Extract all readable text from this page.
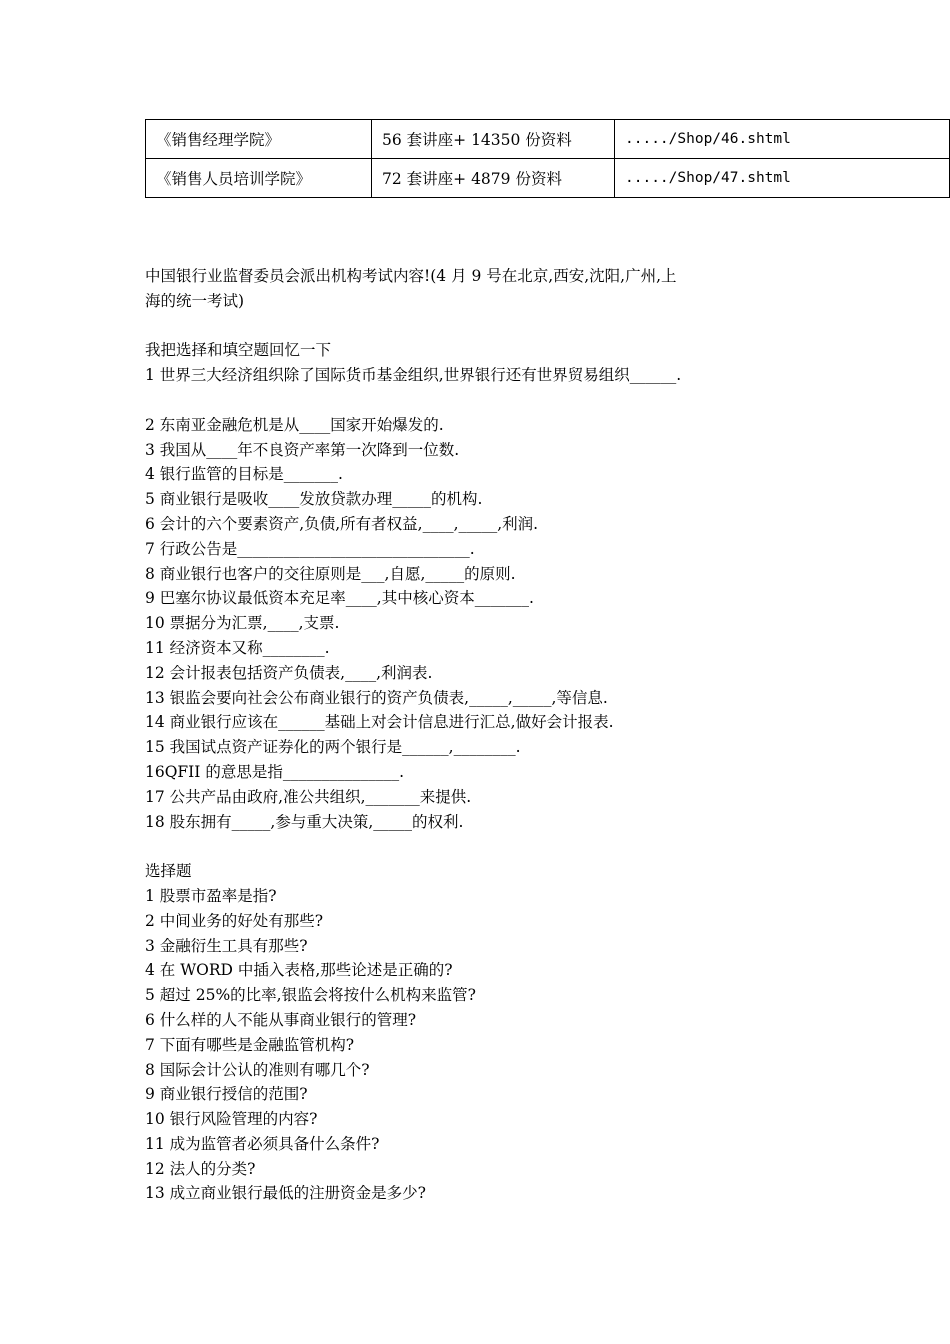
《销售经理学院》	56 套讲座+ 14350 份资料	...../Shop/46.shtml
《销售人员培训学院》	72 套讲座+ 4879 份资料	...../Shop/47.shtml
中国银行业监督委员会派出机构考试内容!(4 月 9 号在北京,西安,沈阳,广州,上
海的统一考试)
我把选择和填空题回忆一下
1 世界三大经济组织除了国际货币基金组织,世界银行还有世界贸易组织______.
2 东南亚金融危机是从____国家开始爆发的.
3 我国从____年不良资产率第一次降到一位数.
4 银行监管的目标是_______.
5 商业银行是吸收____发放贷款办理_____的机构.
6 会计的六个要素资产,负债,所有者权益,____,_____,利润.
7 行政公告是______________________________.
8 商业银行也客户的交往原则是___,自愿,_____的原则.
9 巴塞尔协议最低资本充足率____,其中核心资本_______.
10 票据分为汇票,____,支票.
11 经济资本又称________.
12 会计报表包括资产负债表,____,利润表.
13 银监会要向社会公布商业银行的资产负债表,_____,_____,等信息.
14 商业银行应该在______基础上对会计信息进行汇总,做好会计报表.
15 我国试点资产证券化的两个银行是______,________.
16QFII 的意思是指_______________.
17 公共产品由政府,准公共组织,_______来提供.
18 股东拥有_____,参与重大决策,_____的权利.
选择题
1 股票市盈率是指?
2 中间业务的好处有那些?
3 金融衍生工具有那些?
4 在 WORD 中插入表格,那些论述是正确的?
5 超过 25%的比率,银监会将按什么机构来监管?
6 什么样的人不能从事商业银行的管理?
7 下面有哪些是金融监管机构?
8 国际会计公认的准则有哪几个?
9 商业银行授信的范围?
10 银行风险管理的内容?
11 成为监管者必须具备什么条件?
12 法人的分类?
13 成立商业银行最低的注册资金是多少?
